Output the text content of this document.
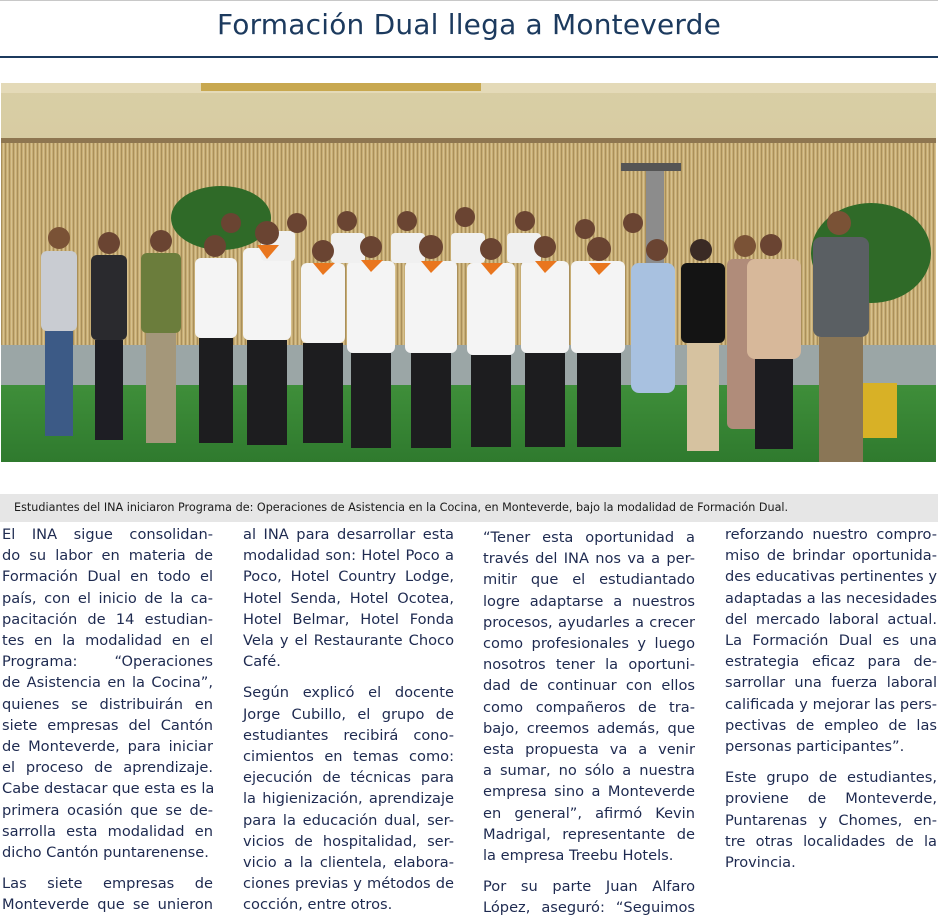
Formación Dual llega a Monteverde
Estudiantes del INA iniciaron Programa de: Operaciones de Asistencia en la Cocina, en Monteverde, bajo la modalidad de Formación Dual.

El INA sigue consolidan-

do su labor en materia de

Formación Dual en todo el

país, con el inicio de la ca-

pacitación de 14 estudian-

tes en la modalidad en el

Programa: “Operaciones

de Asistencia en la Cocina”,

quienes se distribuirán en

siete empresas del Cantón

de Monteverde, para iniciar

el proceso de aprendizaje.

Cabe destacar que esta es la

primera ocasión que se de-

sarrolla esta modalidad en

dicho Cantón puntarenense.

Las siete empresas de

Monteverde que se unieron

al INA para desarrollar esta

modalidad son: Hotel Poco a

Poco, Hotel Country Lodge,

Hotel Senda, Hotel Ocotea,

Hotel Belmar, Hotel Fonda

Vela y el Restaurante Choco

Café.

Según explicó el docente

Jorge Cubillo, el grupo de

estudiantes recibirá cono-

cimientos en temas como:

ejecución de técnicas para

la higienización, aprendizaje

para la educación dual, ser-

vicios de hospitalidad, ser-

vicio a la clientela, elabora-

ciones previas y métodos de

cocción, entre otros.

“Tener esta oportunidad a

través del INA nos va a per-

mitir que el estudiantado

logre adaptarse a nuestros

procesos, ayudarles a crecer

como profesionales y luego

nosotros tener la oportuni-

dad de continuar con ellos

como compañeros de tra-

bajo, creemos además, que

esta propuesta va a venir

a sumar, no sólo a nuestra

empresa sino a Monteverde

en general”, afirmó Kevin

Madrigal, representante de

la empresa Treebu Hotels.

Por su parte Juan Alfaro

López, aseguró: “Seguimos

reforzando nuestro compro-

miso de brindar oportunida-

des educativas pertinentes y

adaptadas a las necesidades

del mercado laboral actual.

La Formación Dual es una

estrategia eficaz para de-

sarrollar una fuerza laboral

calificada y mejorar las pers-

pectivas de empleo de las

personas participantes”.

Este grupo de estudiantes,

proviene de Monteverde,

Puntarenas y Chomes, en-

tre otras localidades de la

Provincia.
